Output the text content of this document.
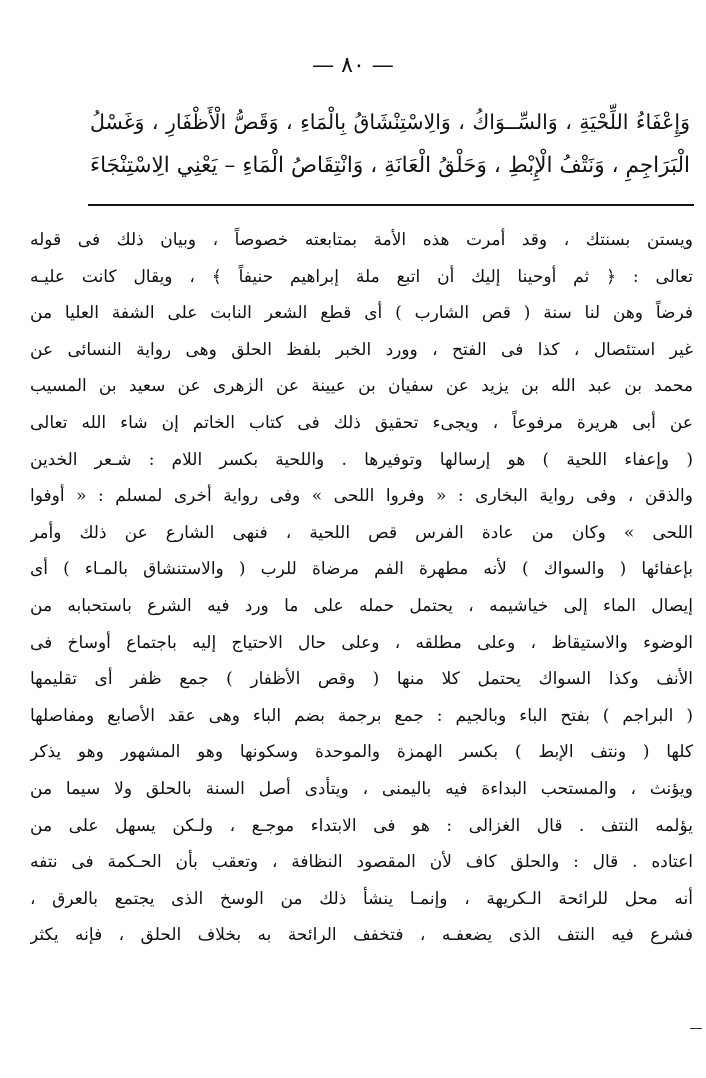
— ٨٠ —
وَإِعْفَاءُ اللِّحْيَةِ ، وَالسِّــوَاكُ ، وَالِاسْتِنْشَاقُ بِالْمَاءِ ، وَقَصُّ الْأَظْفَارِ ، وَغَسْلُ
الْبَرَاجِمِ ، وَنَتْفُ الْإِبْطِ ، وَحَلْقُ الْعَانَةِ ، وَانْتِقَاصُ الْمَاءِ – يَعْنِي الِاسْتِنْجَاءَ
ويستن بسنتك ، وقد أمرت هذه الأمة بمتابعته خصوصاً ، وبيان ذلك فى قوله
تعالى : ﴿ ثم أوحينا إليك أن اتبع ملة إبراهيم حنيفاً ﴾ ، ويقال كانت عليـه
فرضاً وهن لنا سنة ( قص الشارب ) أى قطع الشعر النابت على الشفة العليا من
غير استئصال ، كذا فى الفتح ، وورد الخبر بلفظ الحلق وهى رواية النسائى عن
محمد بن عبد الله بن يزيد عن سفيان بن عيينة عن الزهرى عن سعيد بن المسيب
عن أبى هريرة مرفوعاً ، ويجىء تحقيق ذلك فى كتاب الخاتم إن شاء الله تعالى
( وإعفاء اللحية ) هو إرسالها وتوفيرها . واللحية بكسر اللام : شـعر الخدين
والذقن ، وفى رواية البخارى : « وفروا اللحى » وفى رواية أخرى لمسلم : « أوفوا
اللحى » وكان من عادة الفرس قص اللحية ، فنهى الشارع عن ذلك وأمر
بإعفائها ( والسواك ) لأنه مطهرة الفم مرضاة للرب ( والاستنشاق بالمـاء ) أى
إيصال الماء إلى خياشيمه ، يحتمل حمله على ما ورد فيه الشرع باستحبابه من
الوضوء والاستيقاظ ، وعلى مطلقه ، وعلى حال الاحتياج إليه باجتماع أوساخ فى
الأنف وكذا السواك يحتمل كلا منها ( وقص الأظفار ) جمع ظفر أى تقليمها
( البراجم ) بفتح الباء وبالجيم : جمع برجمة بضم الباء وهى عقد الأصابع ومفاصلها
كلها ( ونتف الإبط ) بكسر الهمزة والموحدة وسكونها وهو المشهور وهو يذكر
ويؤنث ، والمستحب البداءة فيه باليمنى ، ويتأدى أصل السنة بالحلق ولا سيما من
يؤلمه النتف . قال الغزالى : هو فى الابتداء موجـع ، ولـكن يسهل على من
اعتاده . قال : والحلق كاف لأن المقصود النظافة ، وتعقب بأن الحـكمة فى نتفه
أنه محل للرائحة الـكريهة ، وإنمـا ينشأ ذلك من الوسخ الذى يجتمع بالعرق ،
فشرع فيه النتف الذى يضعفـه ، فتخفف الرائحة به بخلاف الحلق ، فإنه يكثر
